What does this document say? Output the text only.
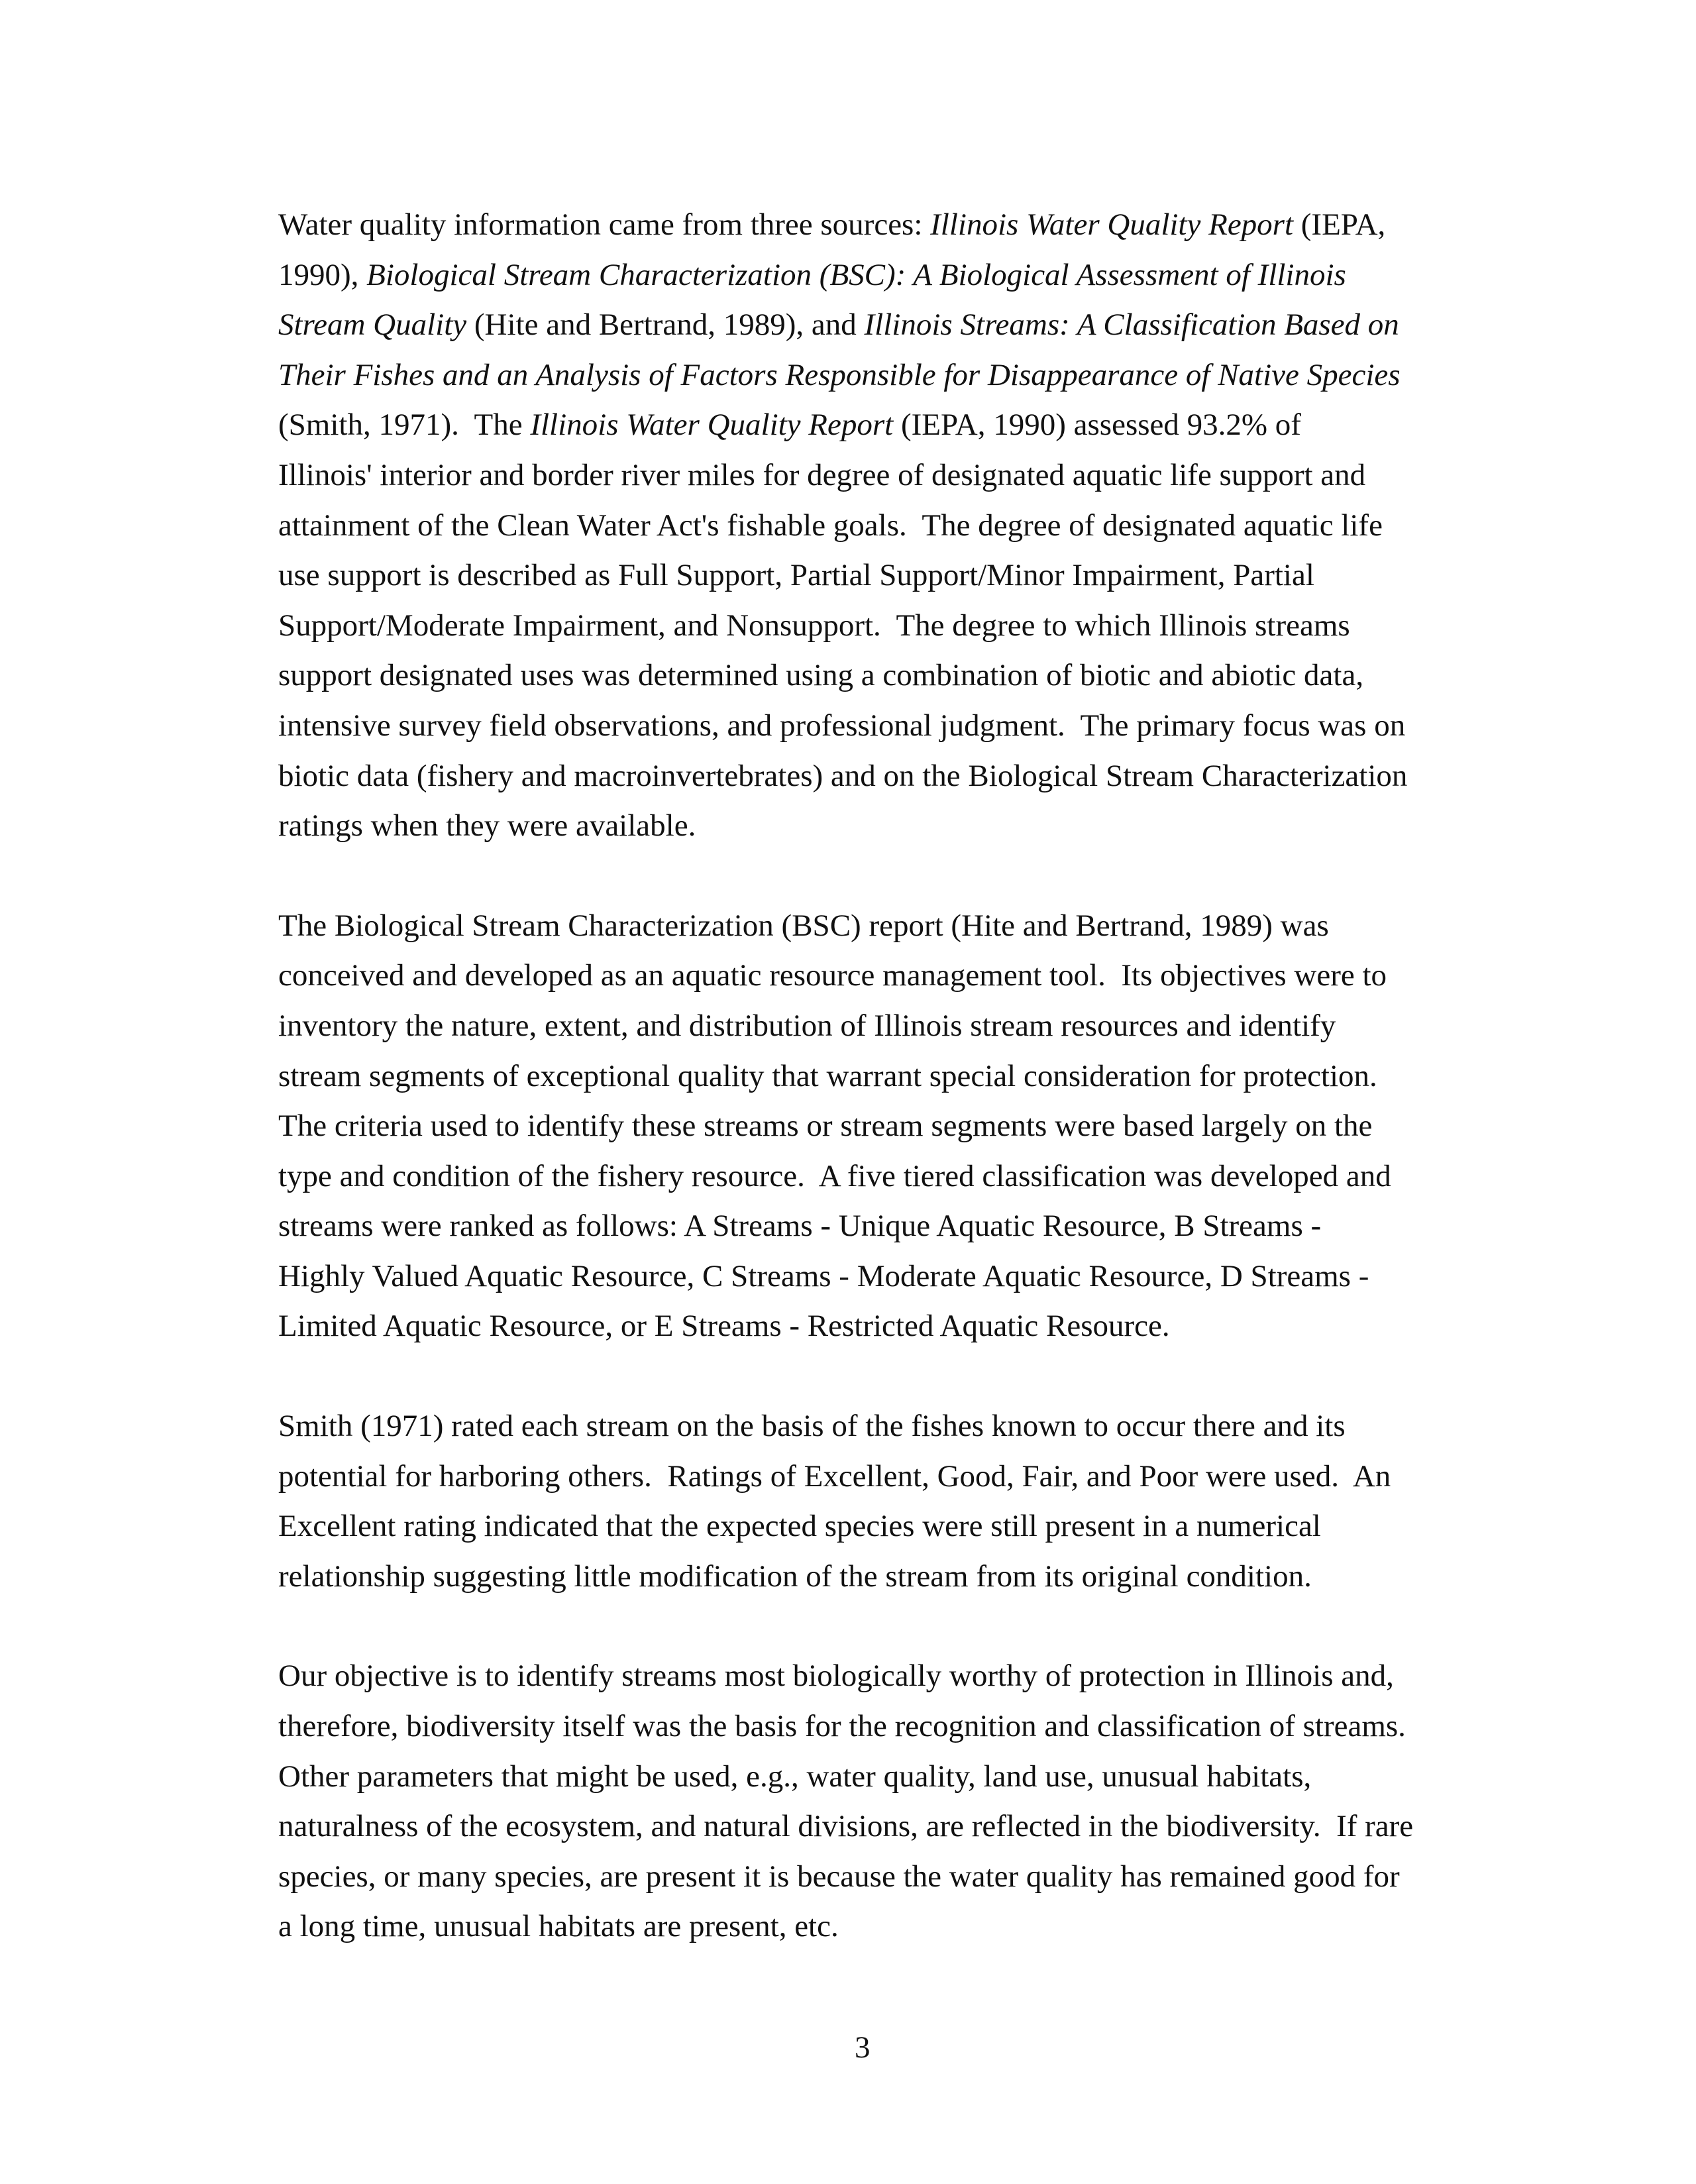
Water quality information came from three sources: Illinois Water Quality Report (IEPA,
1990), Biological Stream Characterization (BSC): A Biological Assessment of Illinois
Stream Quality (Hite and Bertrand, 1989), and Illinois Streams: A Classification Based on
Their Fishes and an Analysis of Factors Responsible for Disappearance of Native Species
(Smith, 1971).  The Illinois Water Quality Report (IEPA, 1990) assessed 93.2% of
Illinois' interior and border river miles for degree of designated aquatic life support and
attainment of the Clean Water Act's fishable goals.  The degree of designated aquatic life
use support is described as Full Support, Partial Support/Minor Impairment, Partial
Support/Moderate Impairment, and Nonsupport.  The degree to which Illinois streams
support designated uses was determined using a combination of biotic and abiotic data,
intensive survey field observations, and professional judgment.  The primary focus was on
biotic data (fishery and macroinvertebrates) and on the Biological Stream Characterization
ratings when they were available.

The Biological Stream Characterization (BSC) report (Hite and Bertrand, 1989) was
conceived and developed as an aquatic resource management tool.  Its objectives were to
inventory the nature, extent, and distribution of Illinois stream resources and identify
stream segments of exceptional quality that warrant special consideration for protection.
The criteria used to identify these streams or stream segments were based largely on the
type and condition of the fishery resource.  A five tiered classification was developed and
streams were ranked as follows: A Streams - Unique Aquatic Resource, B Streams -
Highly Valued Aquatic Resource, C Streams - Moderate Aquatic Resource, D Streams -
Limited Aquatic Resource, or E Streams - Restricted Aquatic Resource.

Smith (1971) rated each stream on the basis of the fishes known to occur there and its
potential for harboring others.  Ratings of Excellent, Good, Fair, and Poor were used.  An
Excellent rating indicated that the expected species were still present in a numerical
relationship suggesting little modification of the stream from its original condition.

Our objective is to identify streams most biologically worthy of protection in Illinois and,
therefore, biodiversity itself was the basis for the recognition and classification of streams.
Other parameters that might be used, e.g., water quality, land use, unusual habitats,
naturalness of the ecosystem, and natural divisions, are reflected in the biodiversity.  If rare
species, or many species, are present it is because the water quality has remained good for
a long time, unusual habitats are present, etc.

3
